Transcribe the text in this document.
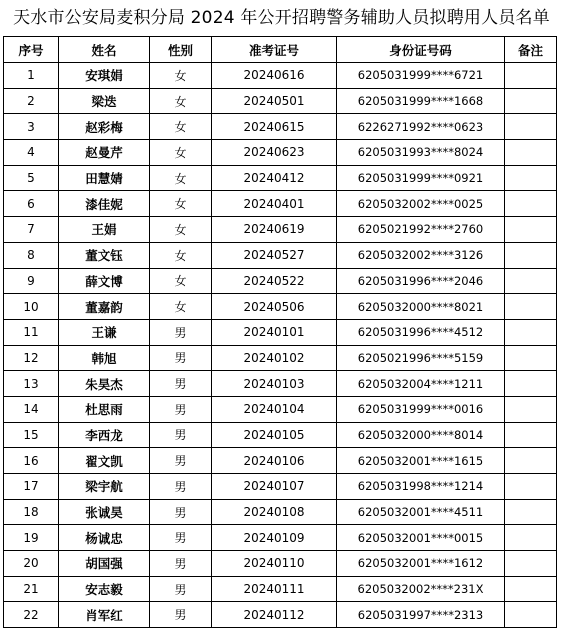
天水市公安局麦积分局 2024 年公开招聘警务辅助人员拟聘用人员名单
序号	姓名	性别	准考证号	身份证号码	备注
1	安琪娟	女	20240616	6205031999****6721	
2	梁迭	女	20240501	6205031999****1668	
3	赵彩梅	女	20240615	6226271992****0623	
4	赵曼芹	女	20240623	6205031993****8024	
5	田慧婧	女	20240412	6205031999****0921	
6	漆佳妮	女	20240401	6205032002****0025	
7	王娟	女	20240619	6205021992****2760	
8	董文钰	女	20240527	6205032002****3126	
9	薛文博	女	20240522	6205031996****2046	
10	董嘉韵	女	20240506	6205032000****8021	
11	王谦	男	20240101	6205031996****4512	
12	韩旭	男	20240102	6205021996****5159	
13	朱昊杰	男	20240103	6205032004****1211	
14	杜思雨	男	20240104	6205031999****0016	
15	李西龙	男	20240105	6205032000****8014	
16	翟文凯	男	20240106	6205032001****1615	
17	梁宇航	男	20240107	6205031998****1214	
18	张诚昊	男	20240108	6205032001****4511	
19	杨诚忠	男	20240109	6205032001****0015	
20	胡国强	男	20240110	6205032001****1612	
21	安志毅	男	20240111	6205032002****231X	
22	肖军红	男	20240112	6205031997****2313	
